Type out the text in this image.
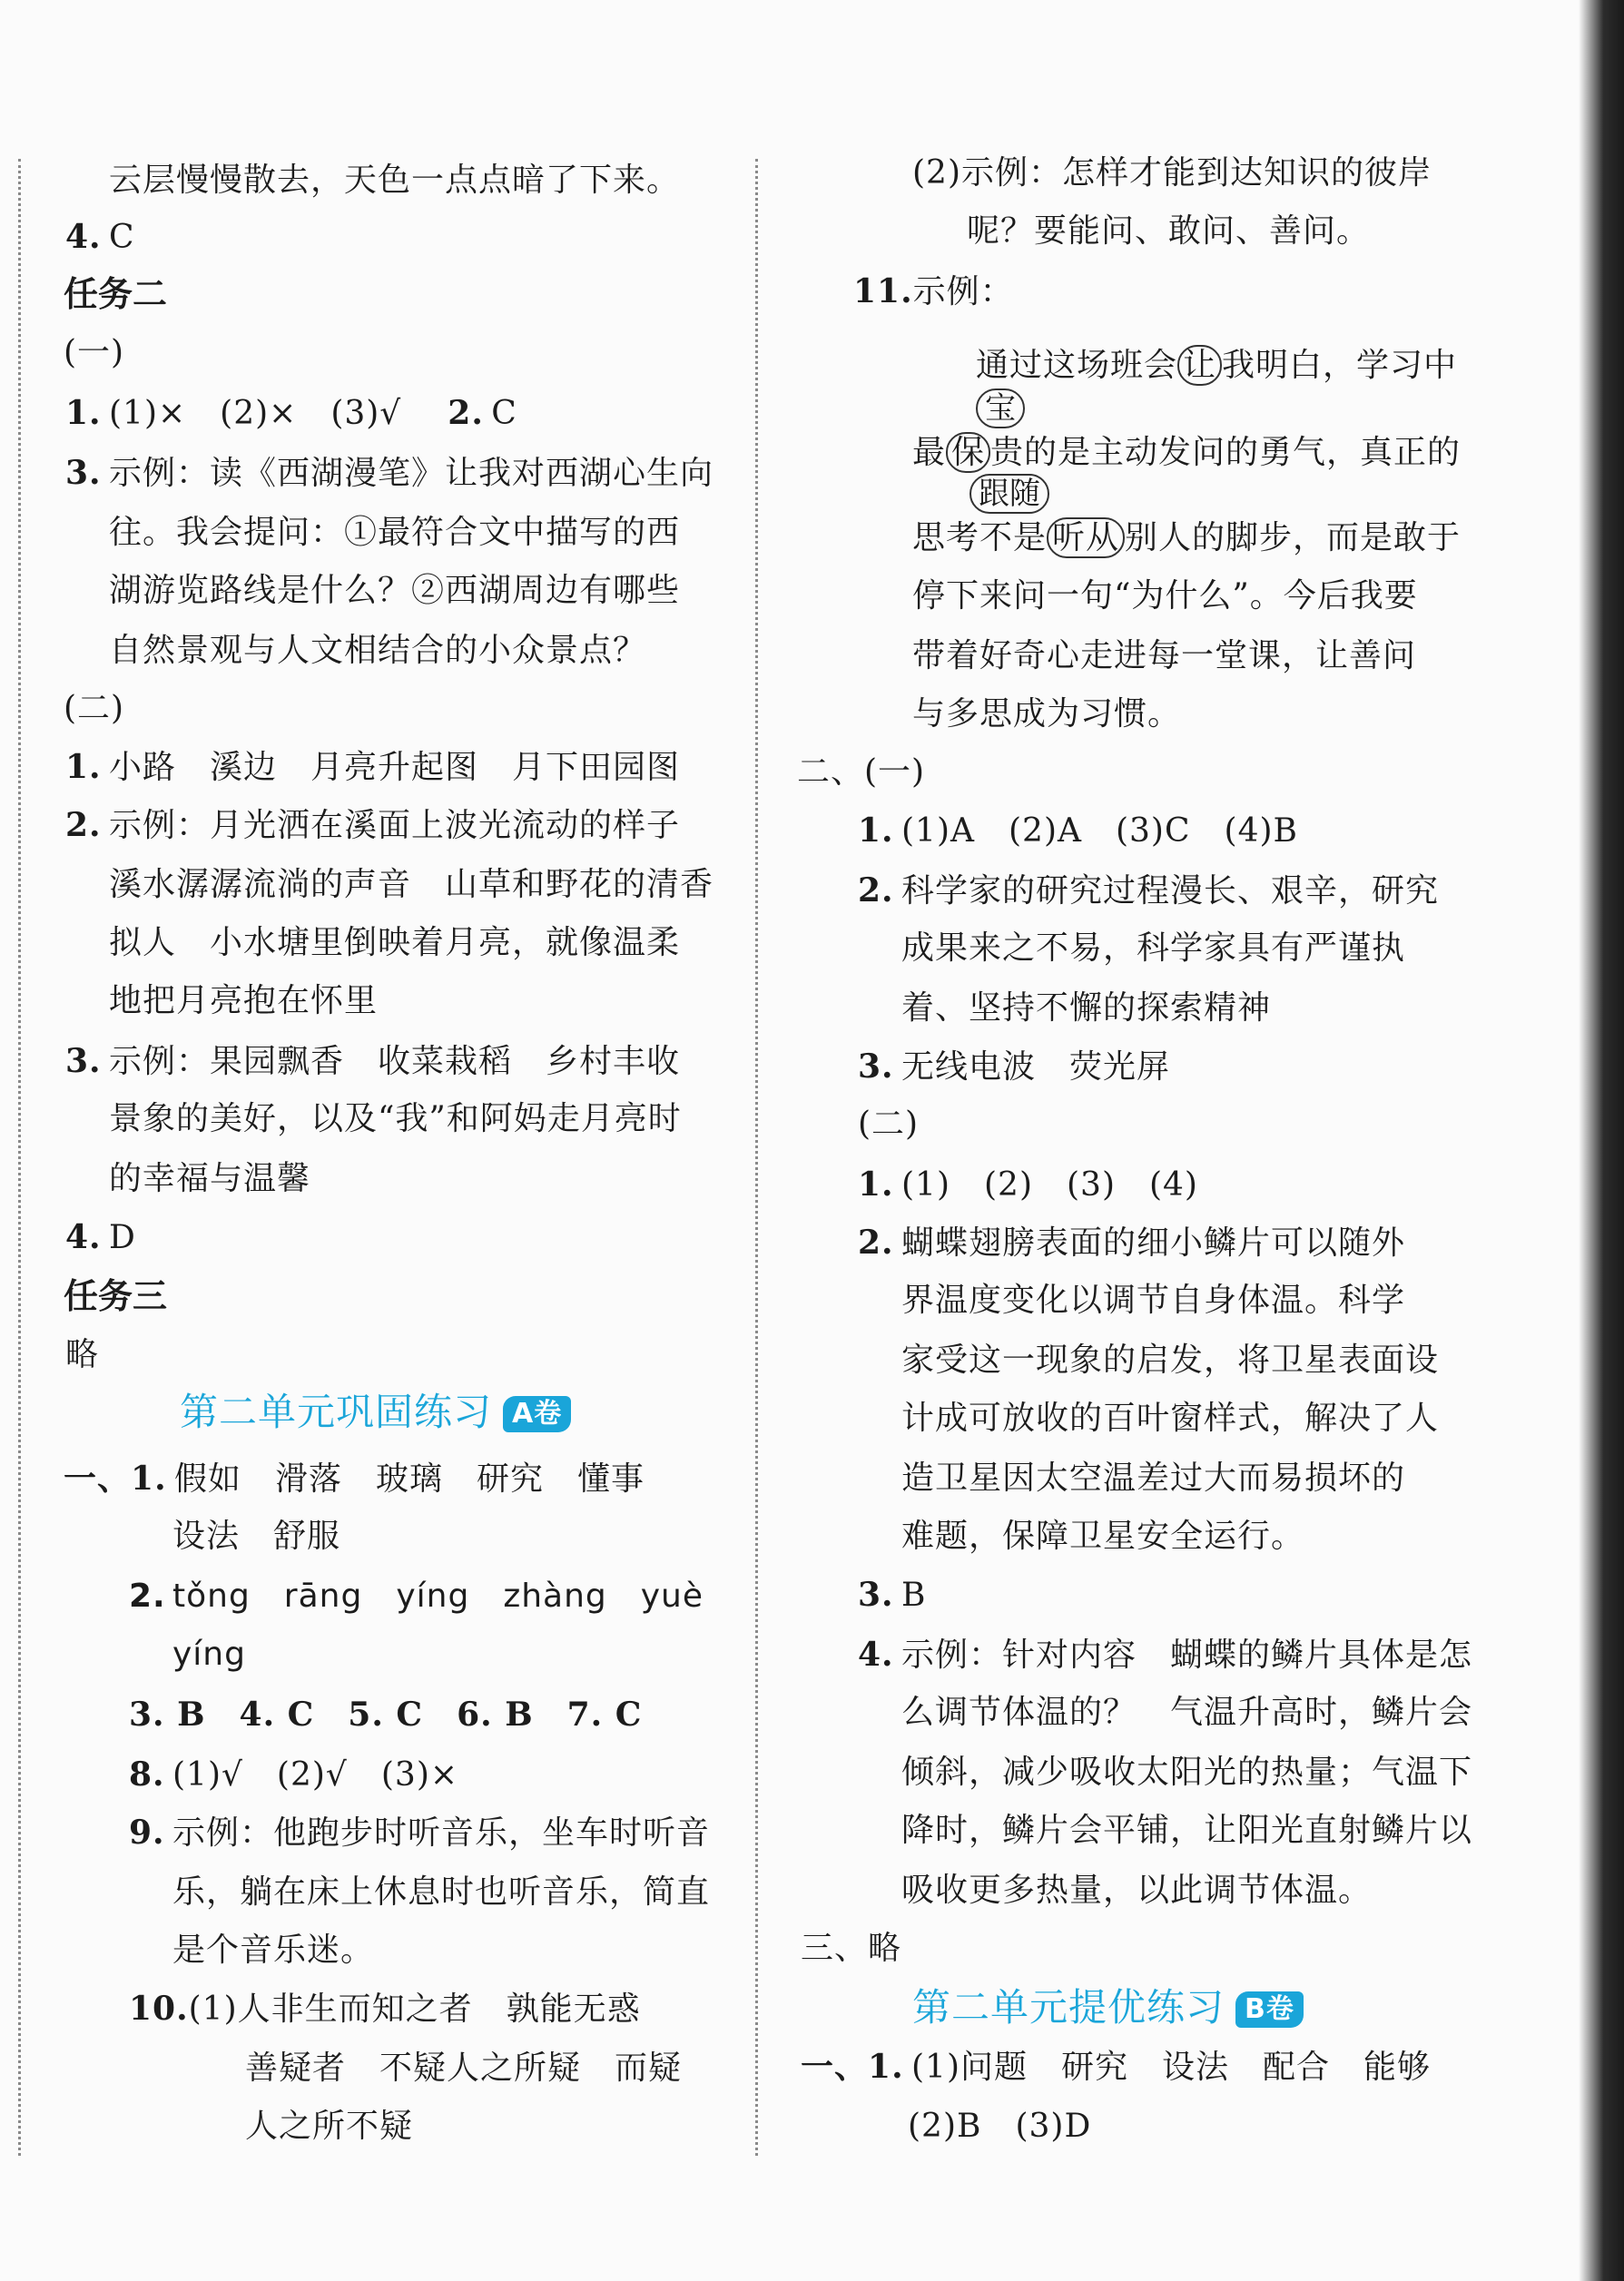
云层慢慢散去，天色一点点暗了下来。
4. C
任务二
(一)
1. (1)×　(2)×　(3)√　2. C
3. 示例：读《西湖漫笔》让我对西湖心生向
往。我会提问：①最符合文中描写的西
湖游览路线是什么？②西湖周边有哪些
自然景观与人文相结合的小众景点？
(二)
1. 小路　溪边　月亮升起图　月下田园图
2. 示例：月光洒在溪面上波光流动的样子
溪水潺潺流淌的声音　山草和野花的清香
拟人　小水塘里倒映着月亮，就像温柔
地把月亮抱在怀里
3. 示例：果园飘香　收菜栽稻　乡村丰收
景象的美好，以及“我”和阿妈走月亮时
的幸福与温馨
4. D
任务三
略
第二单元巩固练习 A卷
一、1. 假如　滑落　玻璃　研究　懂事
设法　舒服
2. tǒng　rāng　yíng　zhàng　yuè
yíng
3. B　4. C　5. C　6. B　7. C
8. (1)√　(2)√　(3)×
9. 示例：他跑步时听音乐，坐车时听音
乐，躺在床上休息时也听音乐，简直
是个音乐迷。
10.(1)人非生而知之者　孰能无惑
善疑者　不疑人之所疑　而疑
人之所不疑
(2)示例：怎样才能到达知识的彼岸
呢？要能问、敢问、善问。
11.示例：
通过这场班会 让 我明白，学习中
宝
最 保 贵的是主动发问的勇气，真正的
跟随
思考不是 听从 别人的脚步，而是敢于
停下来问一句“为什么”。今后我要
带着好奇心走进每一堂课，让善问
与多思成为习惯。
二、(一)
1. (1)A　(2)A　(3)C　(4)B
2. 科学家的研究过程漫长、艰辛，研究
成果来之不易，科学家具有严谨执
着、坚持不懈的探索精神
3. 无线电波　荧光屏
(二)
1. (1)　(2)　(3)　(4)
2. 蝴蝶翅膀表面的细小鳞片可以随外
界温度变化以调节自身体温。科学
家受这一现象的启发，将卫星表面设
计成可放收的百叶窗样式，解决了人
造卫星因太空温差过大而易损坏的
难题，保障卫星安全运行。
3. B
4. 示例：针对内容　蝴蝶的鳞片具体是怎
么调节体温的？　气温升高时，鳞片会
倾斜，减少吸收太阳光的热量；气温下
降时，鳞片会平铺，让阳光直射鳞片以
吸收更多热量，以此调节体温。
三、略
第二单元提优练习 B卷
一、1. (1)问题　研究　设法　配合　能够
(2)B　(3)D
